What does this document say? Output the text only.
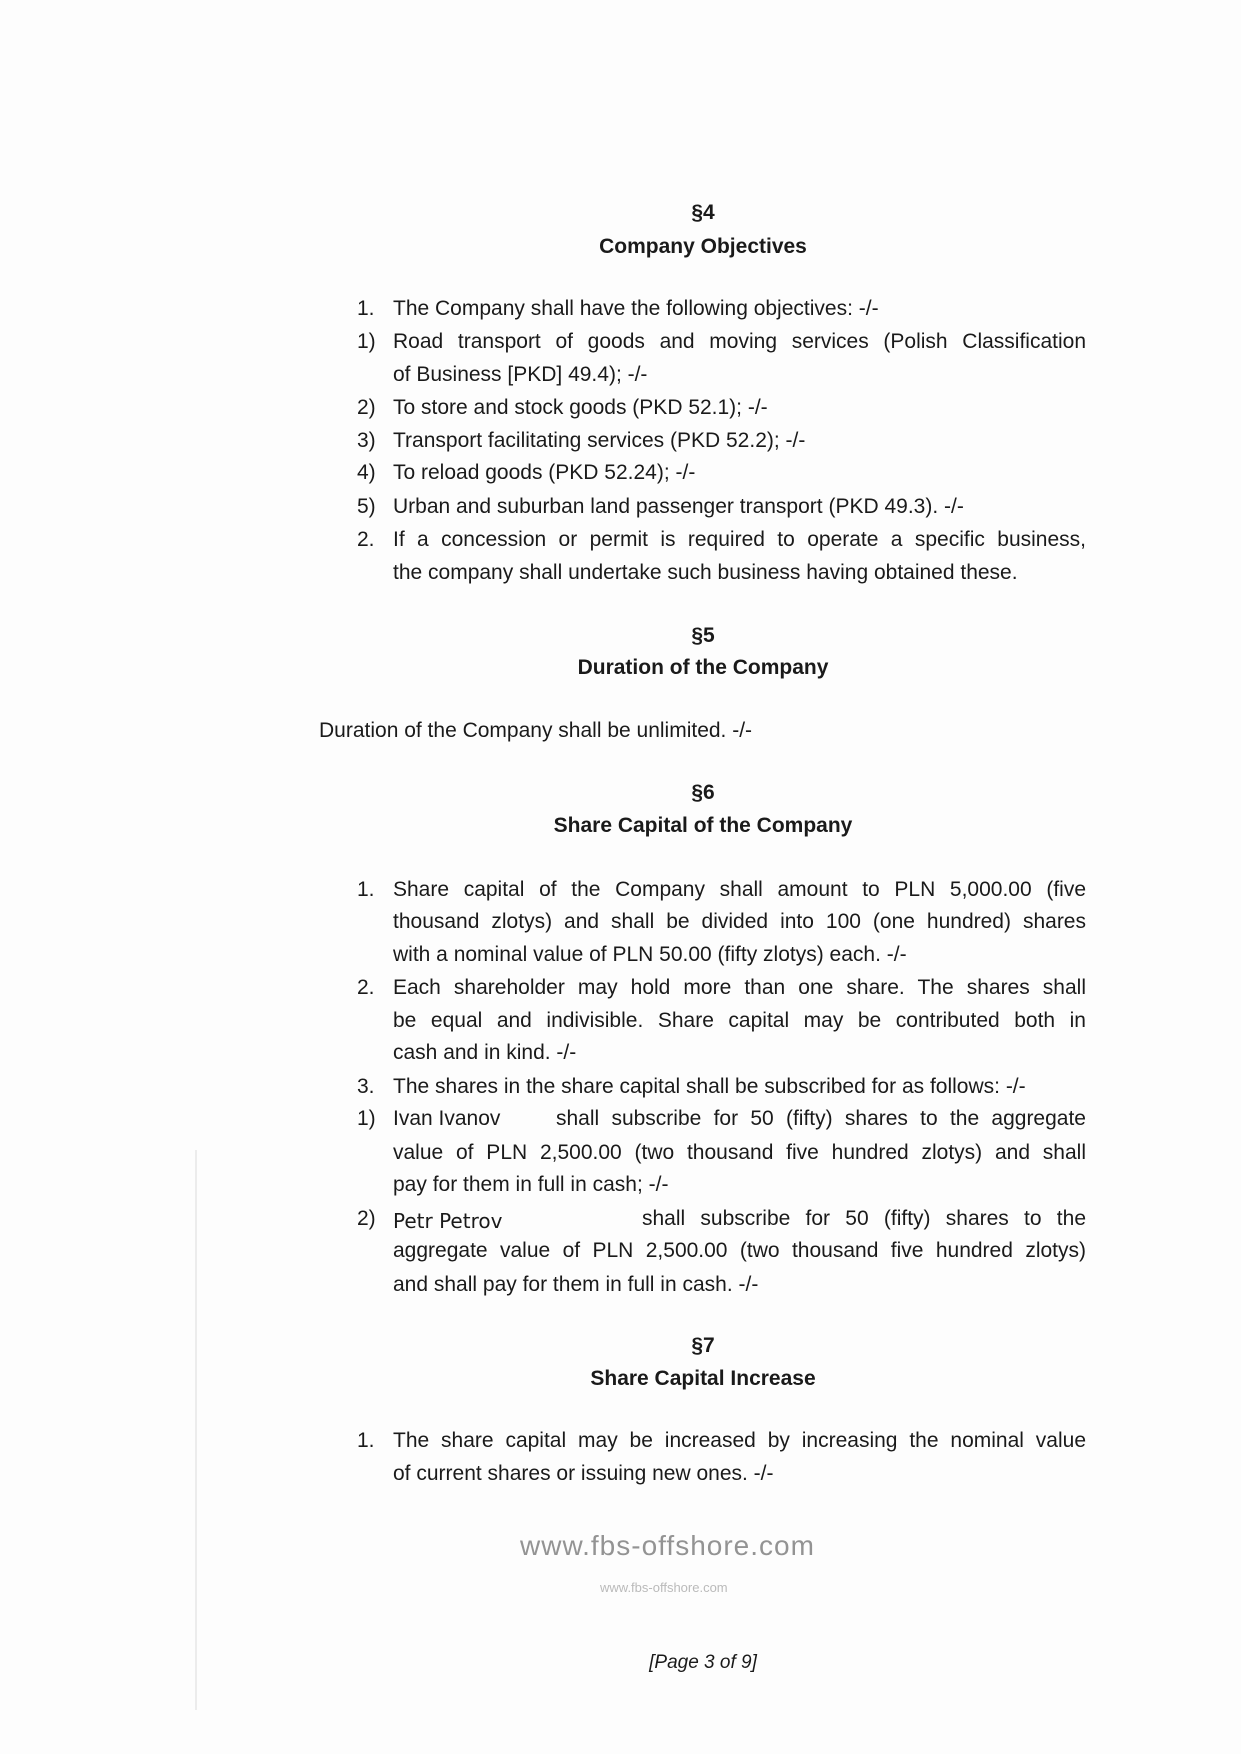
www.fbs-offshore.com
www.fbs-offshore.com
§4
Company Objectives
1. The Company shall have the following objectives: -/-
1) Road transport of goods and moving services (Polish Classification
of Business [PKD] 49.4); -/-
2) To store and stock goods (PKD 52.1); -/-
3) Transport facilitating services (PKD 52.2); -/-
4) To reload goods (PKD 52.24); -/-
5) Urban and suburban land passenger transport (PKD 49.3). -/-
2. If a concession or permit is required to operate a specific business,
the company shall undertake such business having obtained these.
§5
Duration of the Company
Duration of the Company shall be unlimited. -/-
§6
Share Capital of the Company
1. Share capital of the Company shall amount to PLN 5,000.00 (five
thousand zlotys) and shall be divided into 100 (one hundred) shares
with a nominal value of PLN 50.00 (fifty zlotys) each. -/-
2. Each shareholder may hold more than one share. The shares shall
be equal and indivisible. Share capital may be contributed both in
cash and in kind. -/-
3. The shares in the share capital shall be subscribed for as follows: -/-
1) Ivan Ivanov	shall subscribe for 50 (fifty) shares to the aggregate
value of PLN 2,500.00 (two thousand five hundred zlotys) and shall
pay for them in full in cash; -/-
2) Petr Petrov	shall subscribe for 50 (fifty) shares to the
aggregate value of PLN 2,500.00 (two thousand five hundred zlotys)
and shall pay for them in full in cash. -/-
§7
Share Capital Increase
1. The share capital may be increased by increasing the nominal value
of current shares or issuing new ones. -/-
[Page 3 of 9]
